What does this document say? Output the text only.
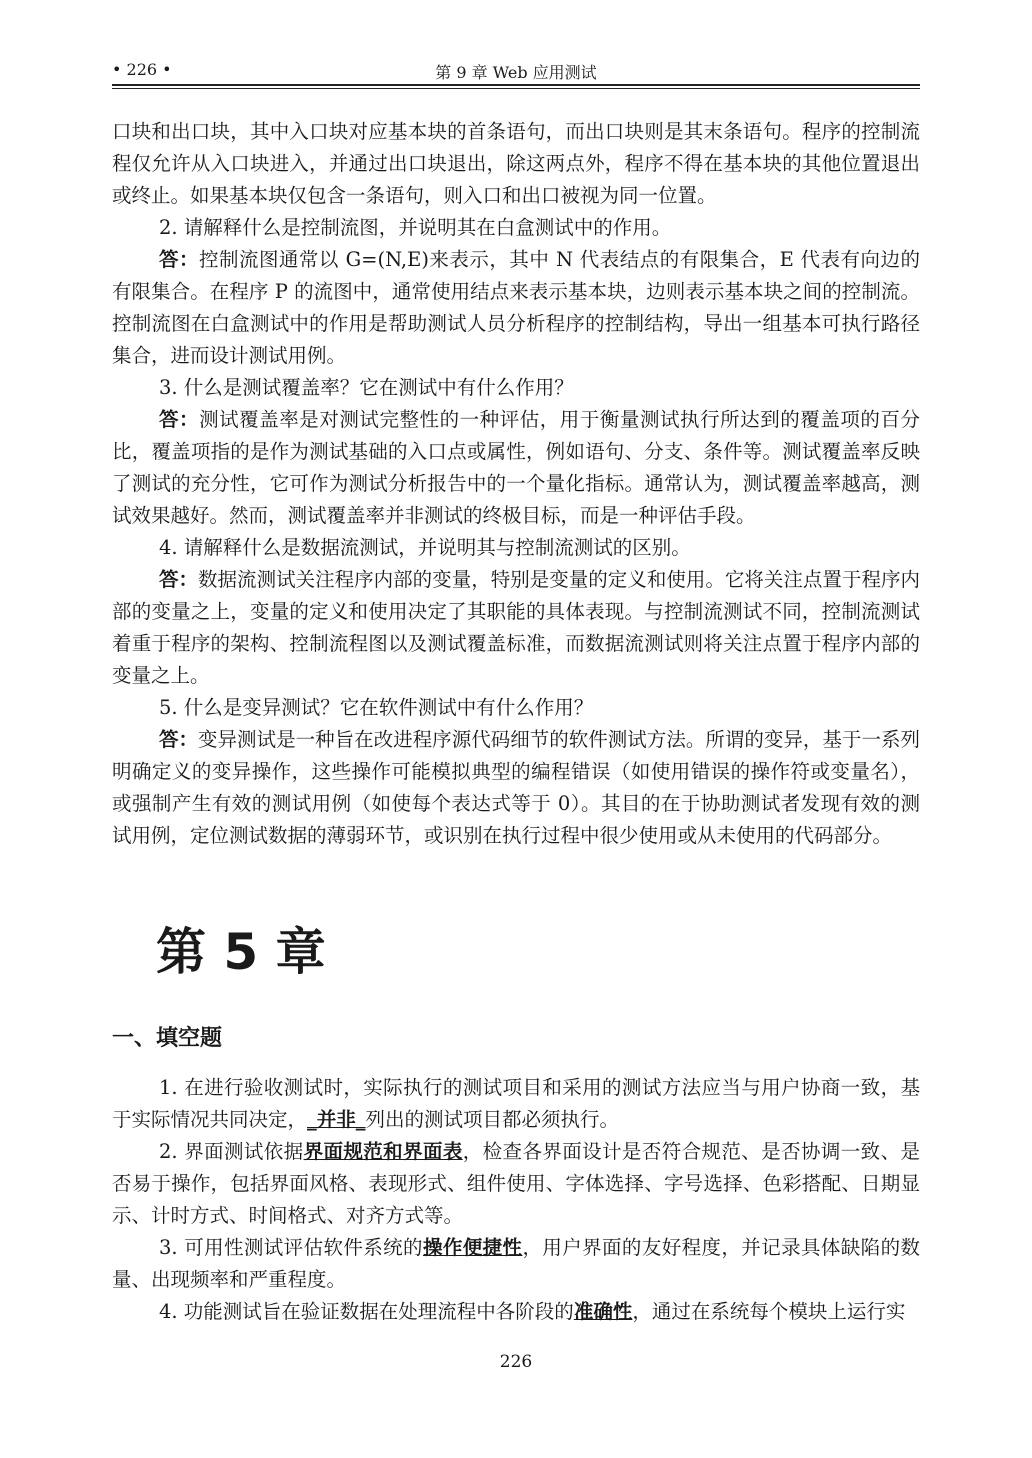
• 226 •	第 9 章 Web 应用测试

口块和出口块，其中入口块对应基本块的首条语句，而出口块则是其末条语句。程序的控制流程仅允许从入口块进入，并通过出口块退出，除这两点外，程序不得在基本块的其他位置退出或终止。如果基本块仅包含一条语句，则入口和出口被视为同一位置。

2. 请解释什么是控制流图，并说明其在白盒测试中的作用。

答：控制流图通常以 G=(N,E)来表示，其中 N 代表结点的有限集合，E 代表有向边的有限集合。在程序 P 的流图中，通常使用结点来表示基本块，边则表示基本块之间的控制流。控制流图在白盒测试中的作用是帮助测试人员分析程序的控制结构，导出一组基本可执行路径集合，进而设计测试用例。

3. 什么是测试覆盖率？它在测试中有什么作用？

答：测试覆盖率是对测试完整性的一种评估，用于衡量测试执行所达到的覆盖项的百分比，覆盖项指的是作为测试基础的入口点或属性，例如语句、分支、条件等。测试覆盖率反映了测试的充分性，它可作为测试分析报告中的一个量化指标。通常认为，测试覆盖率越高，测试效果越好。然而，测试覆盖率并非测试的终极目标，而是一种评估手段。

4. 请解释什么是数据流测试，并说明其与控制流测试的区别。

答：数据流测试关注程序内部的变量，特别是变量的定义和使用。它将关注点置于程序内部的变量之上，变量的定义和使用决定了其职能的具体表现。与控制流测试不同，控制流测试着重于程序的架构、控制流程图以及测试覆盖标准，而数据流测试则将关注点置于程序内部的变量之上。

5. 什么是变异测试？它在软件测试中有什么作用？

答：变异测试是一种旨在改进程序源代码细节的软件测试方法。所谓的变异，基于一系列明确定义的变异操作，这些操作可能模拟典型的编程错误（如使用错误的操作符或变量名），或强制产生有效的测试用例（如使每个表达式等于 0）。其目的在于协助测试者发现有效的测试用例，定位测试数据的薄弱环节，或识别在执行过程中很少使用或从未使用的代码部分。

第 5 章
一、填空题

1. 在进行验收测试时，实际执行的测试项目和采用的测试方法应当与用户协商一致，基于实际情况共同决定，_并非_列出的测试项目都必须执行。

2. 界面测试依据界面规范和界面表，检查各界面设计是否符合规范、是否协调一致、是否易于操作，包括界面风格、表现形式、组件使用、字体选择、字号选择、色彩搭配、日期显示、计时方式、时间格式、对齐方式等。

3. 可用性测试评估软件系统的操作便捷性，用户界面的友好程度，并记录具体缺陷的数量、出现频率和严重程度。

4. 功能测试旨在验证数据在处理流程中各阶段的准确性，通过在系统每个模块上运行实

226
